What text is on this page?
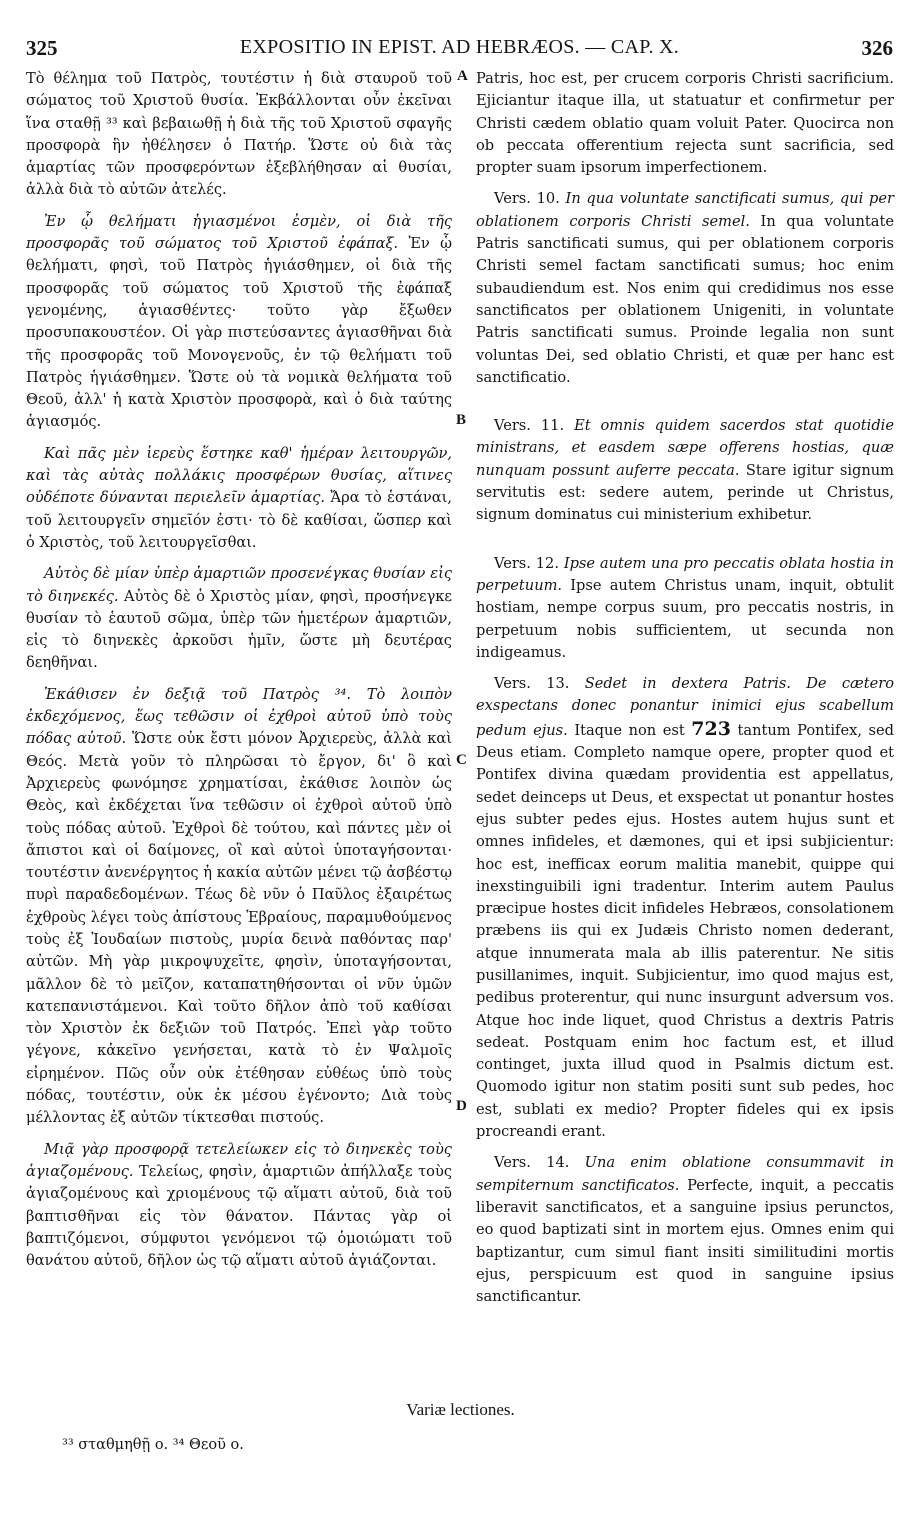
325	EXPOSITIO IN EPIST. AD HEBRÆOS. — CAP. X.	326
A
B
C
D

Τὸ θέλημα τοῦ Πατρὸς, τουτέστιν ἡ διὰ σταυροῦ τοῦ σώματος τοῦ Χριστοῦ θυσία. Ἐκβάλλονται οὖν ἐκεῖναι ἵνα σταθῇ ³³ καὶ βεβαιωθῇ ἡ διὰ τῆς τοῦ Χριστοῦ σφαγῆς προσφορὰ ἣν ἠθέλησεν ὁ Πατήρ. Ὥστε οὐ διὰ τὰς ἁμαρτίας τῶν προσφερόντων ἐξεβλήθησαν αἱ θυσίαι, ἀλλὰ διὰ τὸ αὐτῶν ἀτελές.

Ἐν ᾧ θελήματι ἡγιασμένοι ἐσμὲν, οἱ διὰ τῆς προσφορᾶς τοῦ σώματος τοῦ Χριστοῦ ἐφάπαξ. Ἐν ᾧ θελήματι, φησὶ, τοῦ Πατρὸς ἡγιάσθημεν, οἱ διὰ τῆς προσφορᾶς τοῦ σώματος τοῦ Χριστοῦ τῆς ἐφάπαξ γενομένης, ἁγιασθέντες· τοῦτο γὰρ ἔξωθεν προσυπακουστέον. Οἱ γὰρ πιστεύσαντες ἁγιασθῆναι διὰ τῆς προσφορᾶς τοῦ Μονογενοῦς, ἐν τῷ θελήματι τοῦ Πατρὸς ἡγιάσθημεν. Ὥστε οὐ τὰ νομικὰ θελήματα τοῦ Θεοῦ, ἀλλ' ἡ κατὰ Χριστὸν προσφορὰ, καὶ ὁ διὰ ταύτης ἁγιασμός.

Καὶ πᾶς μὲν ἱερεὺς ἕστηκε καθ' ἡμέραν λειτουργῶν, καὶ τὰς αὐτὰς πολλάκις προσφέρων θυσίας, αἵτινες οὐδέποτε δύνανται περιελεῖν ἁμαρτίας. Ἄρα τὸ ἑστάναι, τοῦ λειτουργεῖν σημεῖόν ἐστι· τὸ δὲ καθίσαι, ὥσπερ καὶ ὁ Χριστὸς, τοῦ λειτουργεῖσθαι.

Αὐτὸς δὲ μίαν ὑπὲρ ἁμαρτιῶν προσενέγκας θυσίαν εἰς τὸ διηνεκές. Αὐτὸς δὲ ὁ Χριστὸς μίαν, φησὶ, προσήνεγκε θυσίαν τὸ ἑαυτοῦ σῶμα, ὑπὲρ τῶν ἡμετέρων ἁμαρτιῶν, εἰς τὸ διηνεκὲς ἀρκοῦσι ἡμῖν, ὥστε μὴ δευτέρας δεηθῆναι.

Ἐκάθισεν ἐν δεξιᾷ τοῦ Πατρὸς ³⁴. Τὸ λοιπὸν ἐκδεχόμενος, ἕως τεθῶσιν οἱ ἐχθροὶ αὐτοῦ ὑπὸ τοὺς πόδας αὐτοῦ. Ὥστε οὐκ ἔστι μόνον Ἀρχιερεὺς, ἀλλὰ καὶ Θεός. Μετὰ γοῦν τὸ πληρῶσαι τὸ ἔργον, δι' ὃ καὶ Ἀρχιερεὺς φωνόμησε χρηματίσαι, ἐκάθισε λοιπὸν ὡς Θεὸς, καὶ ἐκδέχεται ἵνα τεθῶσιν οἱ ἐχθροὶ αὐτοῦ ὑπὸ τοὺς πόδας αὐτοῦ. Ἐχθροὶ δὲ τούτου, καὶ πάντες μὲν οἱ ἄπιστοι καὶ οἱ δαίμονες, οἳ καὶ αὐτοὶ ὑποταγήσονται· τουτέστιν ἀνενέργητος ἡ κακία αὐτῶν μένει τῷ ἀσβέστῳ πυρὶ παραδεδομένων. Τέως δὲ νῦν ὁ Παῦλος ἐξαιρέτως ἐχθροὺς λέγει τοὺς ἀπίστους Ἑβραίους, παραμυθούμενος τοὺς ἐξ Ἰουδαίων πιστοὺς, μυρία δεινὰ παθόντας παρ' αὐτῶν. Μὴ γὰρ μικροψυχεῖτε, φησὶν, ὑποταγήσονται, μᾶλλον δὲ τὸ μεῖζον, καταπατηθήσονται οἱ νῦν ὑμῶν κατεπανιστάμενοι. Καὶ τοῦτο δῆλον ἀπὸ τοῦ καθίσαι τὸν Χριστὸν ἐκ δεξιῶν τοῦ Πατρός. Ἐπεὶ γὰρ τοῦτο γέγονε, κἀκεῖνο γενήσεται, κατὰ τὸ ἐν Ψαλμοῖς εἰρημένον. Πῶς οὖν οὐκ ἐτέθησαν εὐθέως ὑπὸ τοὺς πόδας, τουτέστιν, οὐκ ἐκ μέσου ἐγένοντο; Διὰ τοὺς μέλλοντας ἐξ αὐτῶν τίκτεσθαι πιστούς.

Μιᾷ γὰρ προσφορᾷ τετελείωκεν εἰς τὸ διηνεκὲς τοὺς ἁγιαζομένους. Τελείως, φησὶν, ἁμαρτιῶν ἀπήλλαξε τοὺς ἁγιαζομένους καὶ χριομένους τῷ αἵματι αὐτοῦ, διὰ τοῦ βαπτισθῆναι εἰς τὸν θάνατον. Πάντας γὰρ οἱ βαπτιζόμενοι, σύμφυτοι γενόμενοι τῷ ὁμοιώματι τοῦ θανάτου αὐτοῦ, δῆλον ὡς τῷ αἵματι αὐτοῦ ἁγιάζονται.

Patris, hoc est, per crucem corporis Christi sacrificium. Ejiciantur itaque illa, ut statuatur et confirmetur per Christi cædem oblatio quam voluit Pater. Quocirca non ob peccata offerentium rejecta sunt sacrificia, sed propter suam ipsorum imperfectionem.

Vers. 10. In qua voluntate sanctificati sumus, qui per oblationem corporis Christi semel. In qua voluntate Patris sanctificati sumus, qui per oblationem corporis Christi semel factam sanctificati sumus; hoc enim subaudiendum est. Nos enim qui credidimus nos esse sanctificatos per oblationem Unigeniti, in voluntate Patris sanctificati sumus. Proinde legalia non sunt voluntas Dei, sed oblatio Christi, et quæ per hanc est sanctificatio.

Vers. 11. Et omnis quidem sacerdos stat quotidie ministrans, et easdem sæpe offerens hostias, quæ nunquam possunt auferre peccata. Stare igitur signum servitutis est: sedere autem, perinde ut Christus, signum dominatus cui ministerium exhibetur.

Vers. 12. Ipse autem una pro peccatis oblata hostia in perpetuum. Ipse autem Christus unam, inquit, obtulit hostiam, nempe corpus suum, pro peccatis nostris, in perpetuum nobis sufficientem, ut secunda non indigeamus.

Vers. 13. Sedet in dextera Patris. De cætero exspectans donec ponantur inimici ejus scabellum pedum ejus. Itaque non est 723 tantum Pontifex, sed Deus etiam. Completo namque opere, propter quod et Pontifex divina quædam providentia est appellatus, sedet deinceps ut Deus, et exspectat ut ponantur hostes ejus subter pedes ejus. Hostes autem hujus sunt et omnes infideles, et dæmones, qui et ipsi subjicientur: hoc est, inefficax eorum malitia manebit, quippe qui inexstinguibili igni tradentur. Interim autem Paulus præcipue hostes dicit infideles Hebræos, consolationem præbens iis qui ex Judæis Christo nomen dederant, atque innumerata mala ab illis paterentur. Ne sitis pusillanimes, inquit. Subjicientur, imo quod majus est, pedibus proterentur, qui nunc insurgunt adversum vos. Atque hoc inde liquet, quod Christus a dextris Patris sedeat. Postquam enim hoc factum est, et illud continget, juxta illud quod in Psalmis dictum est. Quomodo igitur non statim positi sunt sub pedes, hoc est, sublati ex medio? Propter fideles qui ex ipsis procreandi erant.

Vers. 14. Una enim oblatione consummavit in sempiternum sanctificatos. Perfecte, inquit, a peccatis liberavit sanctificatos, et a sanguine ipsius perunctos, eo quod baptizati sint in mortem ejus. Omnes enim qui baptizantur, cum simul fiant insiti similitudini mortis ejus, perspicuum est quod in sanguine ipsius sanctificantur.

Variæ lectiones.
³³ σταθμηθῇ ο. ³⁴ Θεοῦ ο.
